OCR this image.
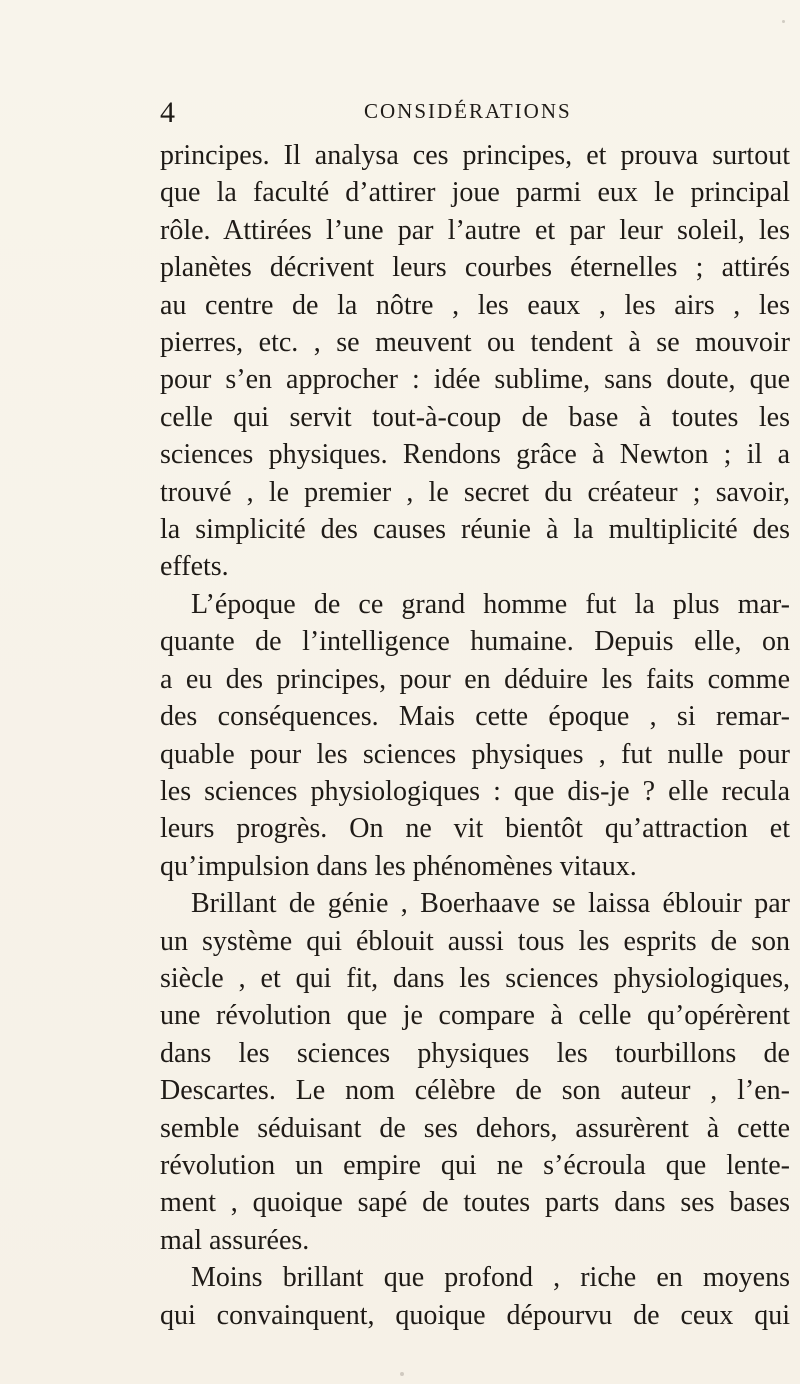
4	CONSIDÉRATIONS
principes. Il analysa ces principes, et prouva surtout
que la faculté d’attirer joue parmi eux le principal
rôle. Attirées l’une par l’autre et par leur soleil, les
planètes décrivent leurs courbes éternelles ; attirés
au centre de la nôtre , les eaux , les airs , les
pierres, etc. , se meuvent ou tendent à se mouvoir
pour s’en approcher : idée sublime, sans doute, que
celle qui servit tout-à-coup de base à toutes les
sciences physiques. Rendons grâce à Newton ; il a
trouvé , le premier , le secret du créateur ; savoir,
la simplicité des causes réunie à la multiplicité des
effets.
L’époque de ce grand homme fut la plus mar-
quante de l’intelligence humaine. Depuis elle, on
a eu des principes, pour en déduire les faits comme
des conséquences. Mais cette époque , si remar-
quable pour les sciences physiques , fut nulle pour
les sciences physiologiques : que dis-je ? elle recula
leurs progrès. On ne vit bientôt qu’attraction et
qu’impulsion dans les phénomènes vitaux.
Brillant de génie , Boerhaave se laissa éblouir par
un système qui éblouit aussi tous les esprits de son
siècle , et qui fit, dans les sciences physiologiques,
une révolution que je compare à celle qu’opérèrent
dans les sciences physiques les tourbillons de
Descartes. Le nom célèbre de son auteur , l’en-
semble séduisant de ses dehors, assurèrent à cette
révolution un empire qui ne s’écroula que lente-
ment , quoique sapé de toutes parts dans ses bases
mal assurées.
Moins brillant que profond , riche en moyens
qui convainquent, quoique dépourvu de ceux qui
